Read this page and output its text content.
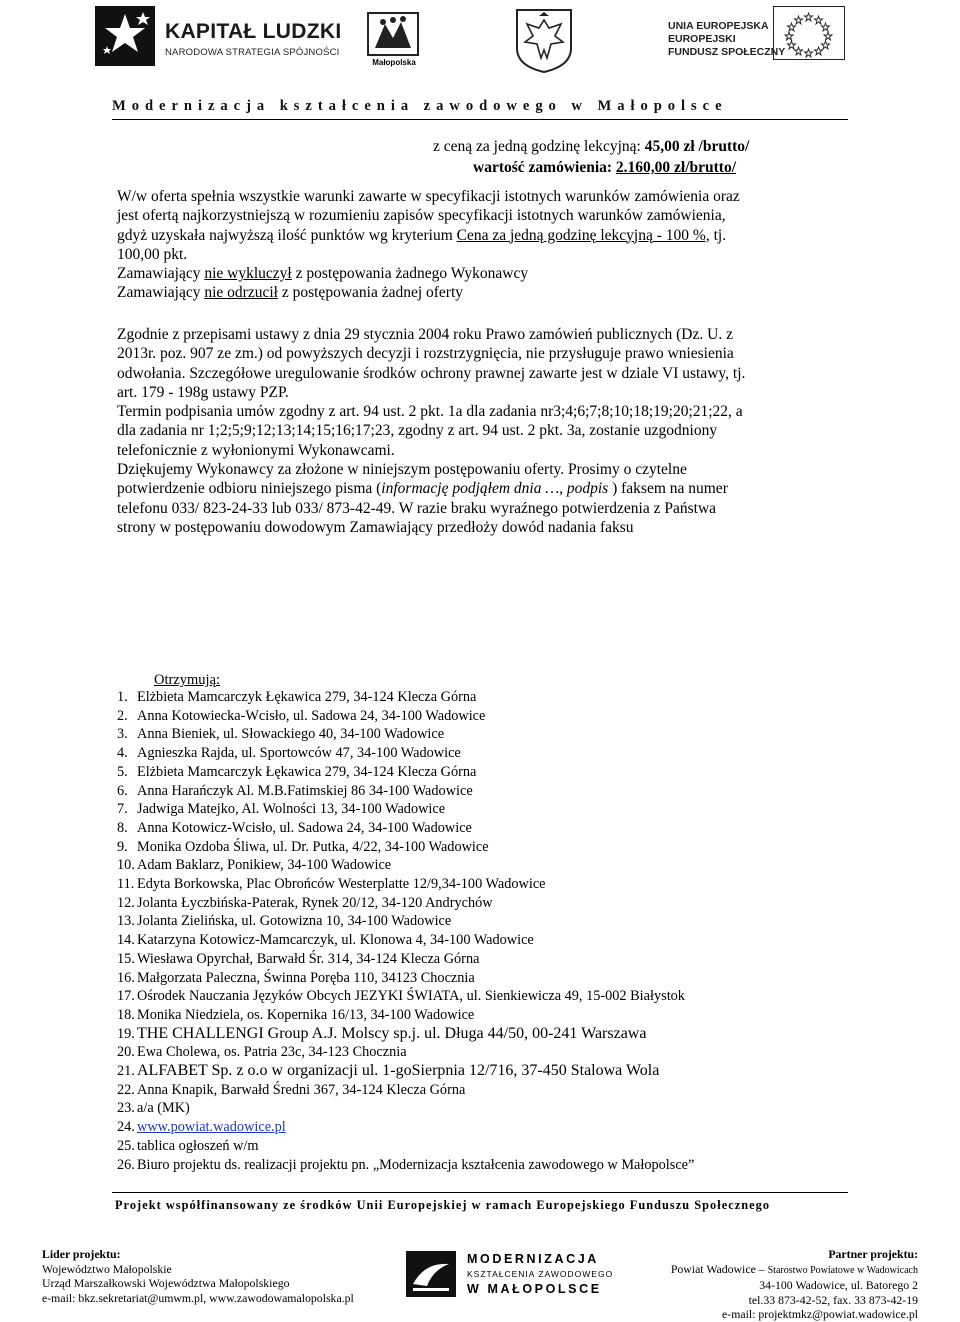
KAPITAŁ LUDZKI
NARODOWA STRATEGIA SPÓJNOŚCI
Małopolska
UNIA EUROPEJSKA
EUROPEJSKI
FUNDUSZ SPOŁECZNY
Modernizacja kształcenia zawodowego w Małopolsce
z ceną za jedną godzinę lekcyjną: 45,00 zł /brutto/
wartość zamówienia: 2.160,00 zł/brutto/
W/w oferta spełnia wszystkie warunki zawarte w specyfikacji istotnych warunków zamówienia oraz
jest ofertą najkorzystniejszą w rozumieniu zapisów specyfikacji istotnych warunków zamówienia,
gdyż uzyskała najwyższą ilość punktów wg kryterium Cena za jedną godzinę lekcyjną - 100 %, tj.
100,00 pkt.
Zamawiający nie wykluczył z postępowania żadnego Wykonawcy
Zamawiający nie odrzucił z postępowania żadnej oferty
Zgodnie z przepisami ustawy z dnia 29 stycznia 2004 roku Prawo zamówień publicznych (Dz. U. z
2013r. poz. 907 ze zm.) od powyższych decyzji i rozstrzygnięcia, nie przysługuje prawo wniesienia
odwołania. Szczegółowe uregulowanie środków ochrony prawnej zawarte jest w dziale VI ustawy, tj.
art. 179 - 198g ustawy PZP.
Termin podpisania umów zgodny z art. 94 ust. 2 pkt. 1a dla zadania nr3;4;6;7;8;10;18;19;20;21;22, a
dla zadania nr 1;2;5;9;12;13;14;15;16;17;23, zgodny z art. 94 ust. 2 pkt. 3a, zostanie uzgodniony
telefonicznie z wyłonionymi Wykonawcami.
Dziękujemy Wykonawcy za złożone w niniejszym postępowaniu oferty. Prosimy o czytelne
potwierdzenie odbioru niniejszego pisma (informację podjąłem dnia …, podpis ) faksem na numer
telefonu 033/ 823-24-33 lub 033/ 873-42-49. W razie braku wyraźnego potwierdzenia z Państwa
strony w postępowaniu dowodowym Zamawiający przedłoży dowód nadania faksu
Otrzymują:
1. Elżbieta Mamcarczyk Łękawica 279, 34-124 Klecza Górna
2. Anna Kotowiecka-Wcisło, ul. Sadowa 24, 34-100 Wadowice
3. Anna Bieniek, ul. Słowackiego 40, 34-100 Wadowice
4. Agnieszka Rajda, ul. Sportowców 47, 34-100 Wadowice
5. Elżbieta Mamcarczyk Łękawica 279, 34-124 Klecza Górna
6. Anna Harańczyk Al. M.B.Fatimskiej 86 34-100 Wadowice
7. Jadwiga Matejko, Al. Wolności 13, 34-100 Wadowice
8. Anna Kotowicz-Wcisło, ul. Sadowa 24, 34-100 Wadowice
9. Monika Ozdoba Śliwa, ul. Dr. Putka, 4/22, 34-100 Wadowice
10. Adam Baklarz, Ponikiew, 34-100 Wadowice
11. Edyta Borkowska, Plac Obrońców Westerplatte 12/9,34-100 Wadowice
12. Jolanta Łyczbińska-Paterak, Rynek 20/12, 34-120 Andrychów
13. Jolanta Zielińska, ul. Gotowizna 10, 34-100 Wadowice
14. Katarzyna Kotowicz-Mamcarczyk, ul. Klonowa 4, 34-100 Wadowice
15. Wiesława Opyrchał, Barwałd Śr. 314, 34-124 Klecza Górna
16. Małgorzata Paleczna, Świnna Poręba 110, 34123 Chocznia
17. Ośrodek Nauczania Języków Obcych JEZYKI ŚWIATA, ul. Sienkiewicza 49, 15-002 Białystok
18. Monika Niedziela, os. Kopernika 16/13, 34-100 Wadowice
19. THE CHALLENGI Group A.J. Molscy sp.j. ul. Długa 44/50, 00-241 Warszawa
20. Ewa Cholewa, os. Patria 23c, 34-123 Chocznia
21. ALFABET Sp. z o.o w organizacji ul. 1-goSierpnia 12/716, 37-450 Stalowa Wola
22. Anna Knapik, Barwałd Średni 367, 34-124 Klecza Górna
23. a/a (MK)
24. www.powiat.wadowice.pl
25. tablica ogłoszeń w/m
26. Biuro projektu ds. realizacji projektu pn. „Modernizacja kształcenia zawodowego w Małopolsce”
Projekt współfinansowany ze środków Unii Europejskiej w ramach Europejskiego Funduszu Społecznego
Lider projektu:
Województwo Małopolskie
Urząd Marszałkowski Województwa Małopolskiego
e-mail: bkz.sekretariat@umwm.pl, www.zawodowamalopolska.pl
MODERNIZACJA
KSZTAŁCENIA ZAWODOWEGO
W MAŁOPOLSCE
Partner projektu:
Powiat Wadowice – Starostwo Powiatowe w Wadowicach
34-100 Wadowice, ul. Batorego 2
tel.33 873-42-52, fax. 33 873-42-19
e-mail: projektmkz@powiat.wadowice.pl
